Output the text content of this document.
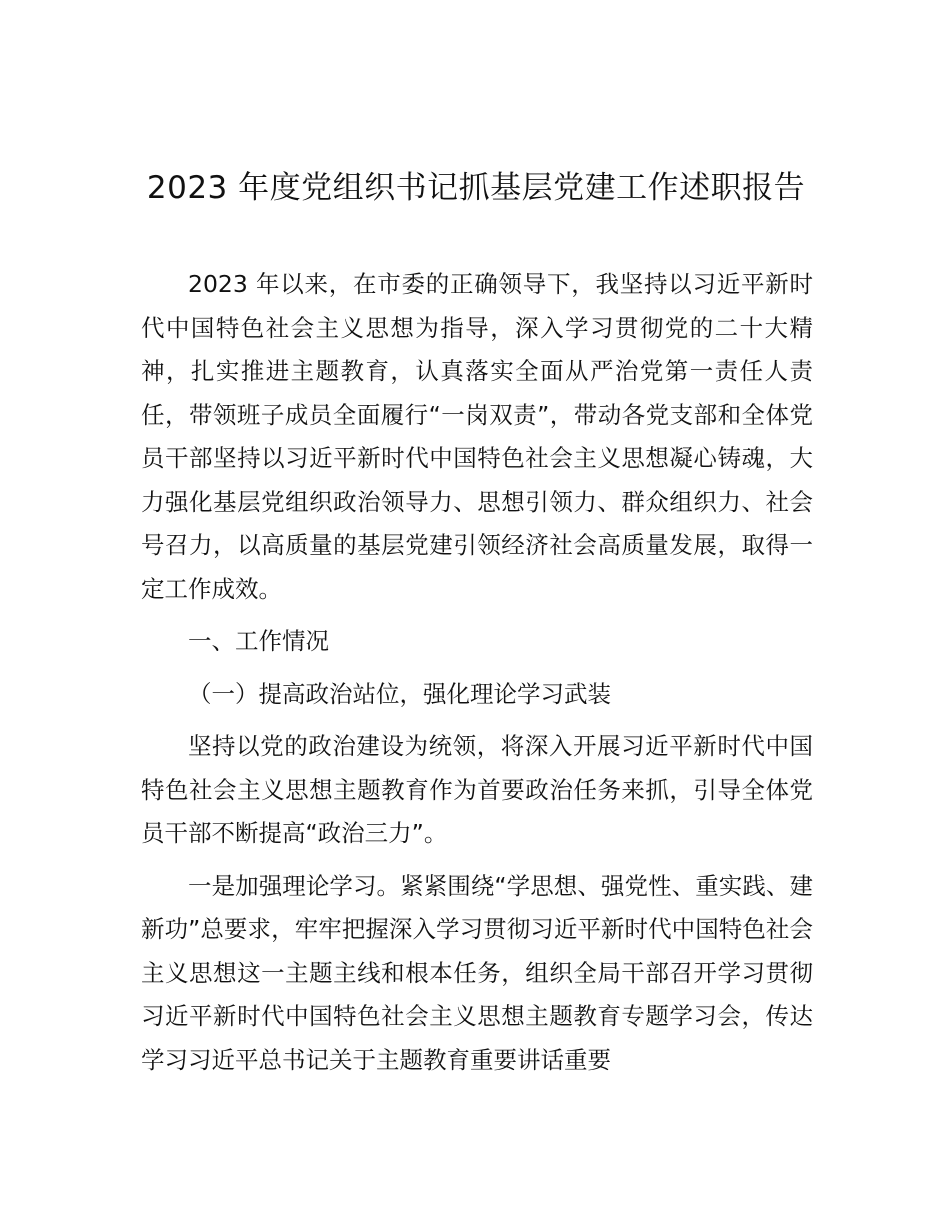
2023 年度党组织书记抓基层党建工作述职报告

2023 年以来，在市委的正确领导下，我坚持以习近平新时代中国特色社会主义思想为指导，深入学习贯彻党的二十大精神，扎实推进主题教育，认真落实全面从严治党第一责任人责任，带领班子成员全面履行“一岗双责”，带动各党支部和全体党员干部坚持以习近平新时代中国特色社会主义思想凝心铸魂，大力强化基层党组织政治领导力、思想引领力、群众组织力、社会号召力，以高质量的基层党建引领经济社会高质量发展，取得一定工作成效。

一、工作情况

（一）提高政治站位，强化理论学习武装

坚持以党的政治建设为统领，将深入开展习近平新时代中国特色社会主义思想主题教育作为首要政治任务来抓，引导全体党员干部不断提高“政治三力”。

一是加强理论学习。紧紧围绕“学思想、强党性、重实践、建新功”总要求，牢牢把握深入学习贯彻习近平新时代中国特色社会主义思想这一主题主线和根本任务，组织全局干部召开学习贯彻习近平新时代中国特色社会主义思想主题教育专题学习会，传达学习习近平总书记关于主题教育重要讲话重要
